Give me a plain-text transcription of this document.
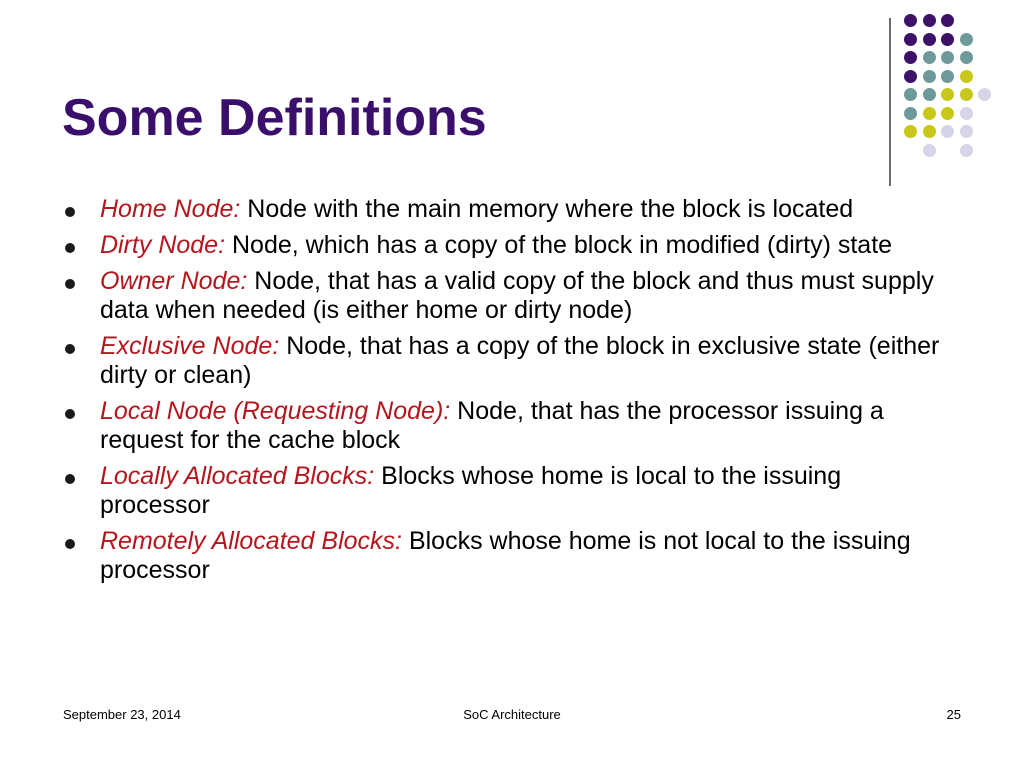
Some Definitions
Home Node: Node with the main memory where the block is located
Dirty Node: Node, which has a copy of the block in modified (dirty) state
Owner Node: Node, that has a valid copy of the block and thus must supply data when needed (is either home or dirty node)
Exclusive Node: Node, that has a copy of the block in exclusive state (either dirty or clean)
Local Node (Requesting Node): Node, that has the processor issuing a request for the cache block
Locally Allocated Blocks: Blocks whose home is local to the issuing processor
Remotely Allocated Blocks: Blocks whose home is not local to the issuing processor
September 23, 2014	SoC Architecture	25
